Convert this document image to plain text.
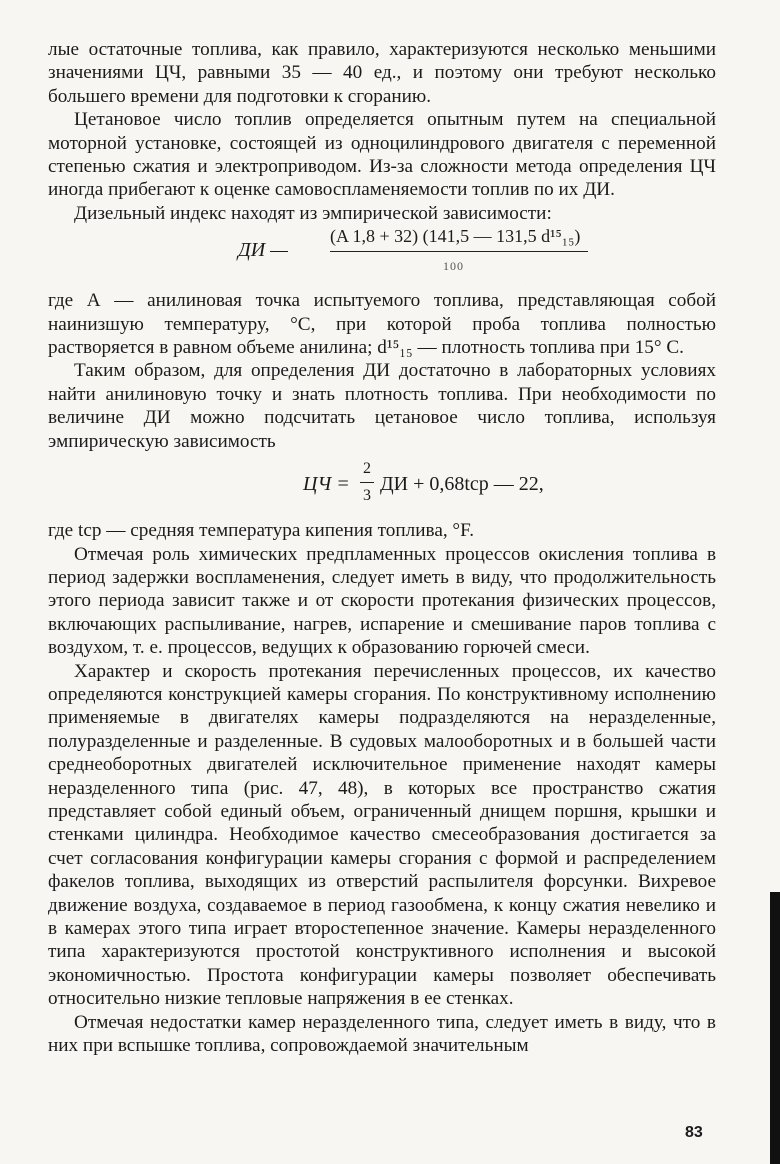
лые остаточные топлива, как правило, характеризуются несколько меньшими значениями ЦЧ, равными 35 — 40 ед., и поэтому они требуют несколько большего времени для подготовки к сгоранию.

Цетановое число топлив определяется опытным путем на специальной моторной установке, состоящей из одноцилиндрового двигателя с переменной степенью сжатия и электроприводом. Из-за сложности метода определения ЦЧ иногда прибегают к оценке самовоспламеняемости топлив по их ДИ.

Дизельный индекс находят из эмпирической зависимости:

ДИ —
(A 1,8 + 32) (141,5 — 131,5 d¹⁵₁₅)
100

где А — анилиновая точка испытуемого топлива, представляющая собой наинизшую температуру, °С, при которой проба топлива полностью растворяется в равном объеме анилина; d¹⁵₁₅ — плотность топлива при 15° С.

Таким образом, для определения ДИ достаточно в лабораторных условиях найти анилиновую точку и знать плотность топлива. При необходимости по величине ДИ можно подсчитать цетановое число топлива, используя эмпирическую зависимость

ЦЧ =
2
3 ДИ + 0,68tср — 22,

где tср — средняя температура кипения топлива, °F.

Отмечая роль химических предпламенных процессов окисления топлива в период задержки воспламенения, следует иметь в виду, что продолжительность этого периода зависит также и от скорости протекания физических процессов, включающих распыливание, нагрев, испарение и смешивание паров топлива с воздухом, т. е. процессов, ведущих к образованию горючей смеси.

Характер и скорость протекания перечисленных процессов, их качество определяются конструкцией камеры сгорания. По конструктивному исполнению применяемые в двигателях камеры подразделяются на неразделенные, полуразделенные и разделенные. В судовых малооборотных и в большей части среднеоборотных двигателей исключительное применение находят камеры неразделенного типа (рис. 47, 48), в которых все пространство сжатия представляет собой единый объем, ограниченный днищем поршня, крышки и стенками цилиндра. Необходимое качество смесеобразования достигается за счет согласования конфигурации камеры сгорания с формой и распределением факелов топлива, выходящих из отверстий распылителя форсунки. Вихревое движение воздуха, создаваемое в период газообмена, к концу сжатия невелико и в камерах этого типа играет второстепенное значение. Камеры неразделенного типа характеризуются простотой конструктивного исполнения и высокой экономичностью. Простота конфигурации камеры позволяет обеспечивать относительно низкие тепловые напряжения в ее стенках.

Отмечая недостатки камер неразделенного типа, следует иметь в виду, что в них при вспышке топлива, сопровождаемой значительным

83
